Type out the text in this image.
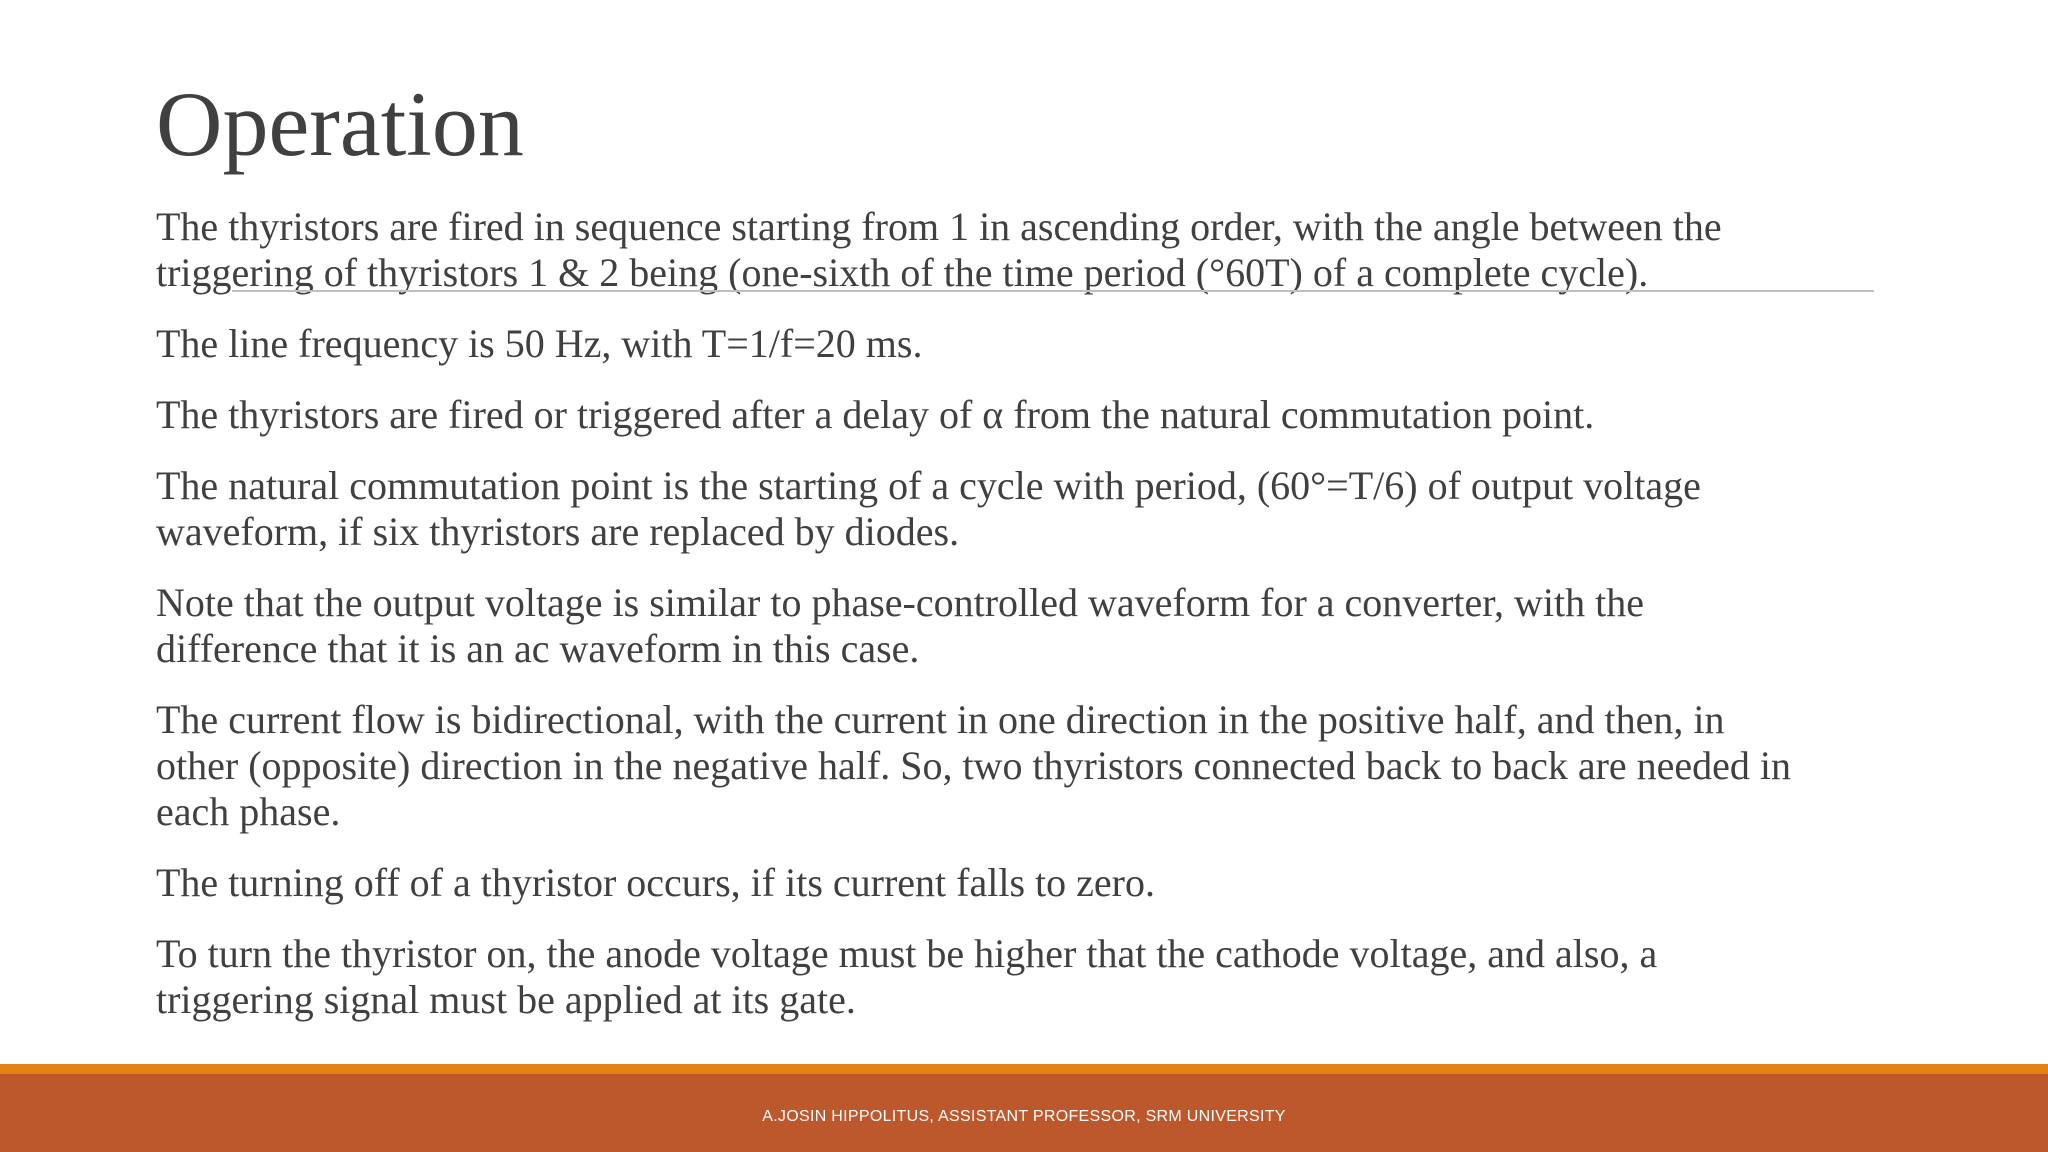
Operation

The thyristors are fired in sequence starting from 1 in ascending order, with the angle between the
triggering of thyristors 1 & 2 being (one-sixth of the time period (°60T) of a complete cycle).

The line frequency is 50 Hz, with T=1/f=20 ms.

The thyristors are fired or triggered after a delay of α from the natural commutation point.

The natural commutation point is the starting of a cycle with period, (60°=T/6) of output voltage
waveform, if six thyristors are replaced by diodes.

Note that the output voltage is similar to phase-controlled waveform for a converter, with the
difference that it is an ac waveform in this case.

The current flow is bidirectional, with the current in one direction in the positive half, and then, in
other (opposite) direction in the negative half. So, two thyristors connected back to back are needed in
each phase.

The turning off of a thyristor occurs, if its current falls to zero.

To turn the thyristor on, the anode voltage must be higher that the cathode voltage, and also, a
triggering signal must be applied at its gate.

A.JOSIN HIPPOLITUS, ASSISTANT PROFESSOR, SRM UNIVERSITY
